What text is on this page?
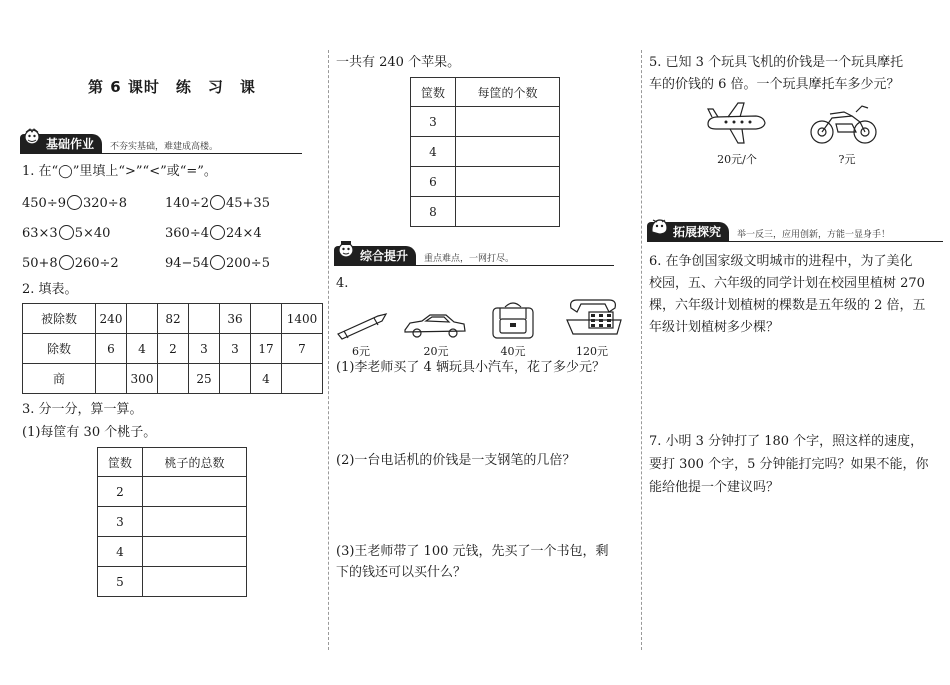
第 6 课时　练　习　课
基础作业	不夯实基础，难建成高楼。
1. 在“◯”里填上“>”“<”或“=”。
450÷9 320÷8	140÷2 45+35
63×3 5×40	360÷4 24×4
50+8 260÷2	94−54 200÷5
2. 填表。
被除数	240		82		36		1400
除数	6	4	2	3	3	17	7
商		300		25		4	
3. 分一分，算一算。
(1)每筐有 30 个桃子。
筐数	桃子的总数
2	
3	
4	
5	
一共有 240 个苹果。
筐数	每筐的个数
3	
4	
6	
8	
综合提升	重点难点，一网打尽。
4.
6元	20元	40元	120元
(1)李老师买了 4 辆玩具小汽车，花了多少元？
(2)一台电话机的价钱是一支钢笔的几倍？
(3)王老师带了 100 元钱，先买了一个书包，剩
下的钱还可以买什么？
5. 已知 3 个玩具飞机的价钱是一个玩具摩托
车的价钱的 6 倍。一个玩具摩托车多少元？
20元/个	?元
拓展探究	举一反三，应用创新，方能一显身手！
6. 在争创国家级文明城市的进程中，为了美化
校园，五、六年级的同学计划在校园里植树 270
棵，六年级计划植树的棵数是五年级的 2 倍，五
年级计划植树多少棵？
7. 小明 3 分钟打了 180 个字，照这样的速度，
要打 300 个字，5 分钟能打完吗？如果不能，你
能给他提一个建议吗？
